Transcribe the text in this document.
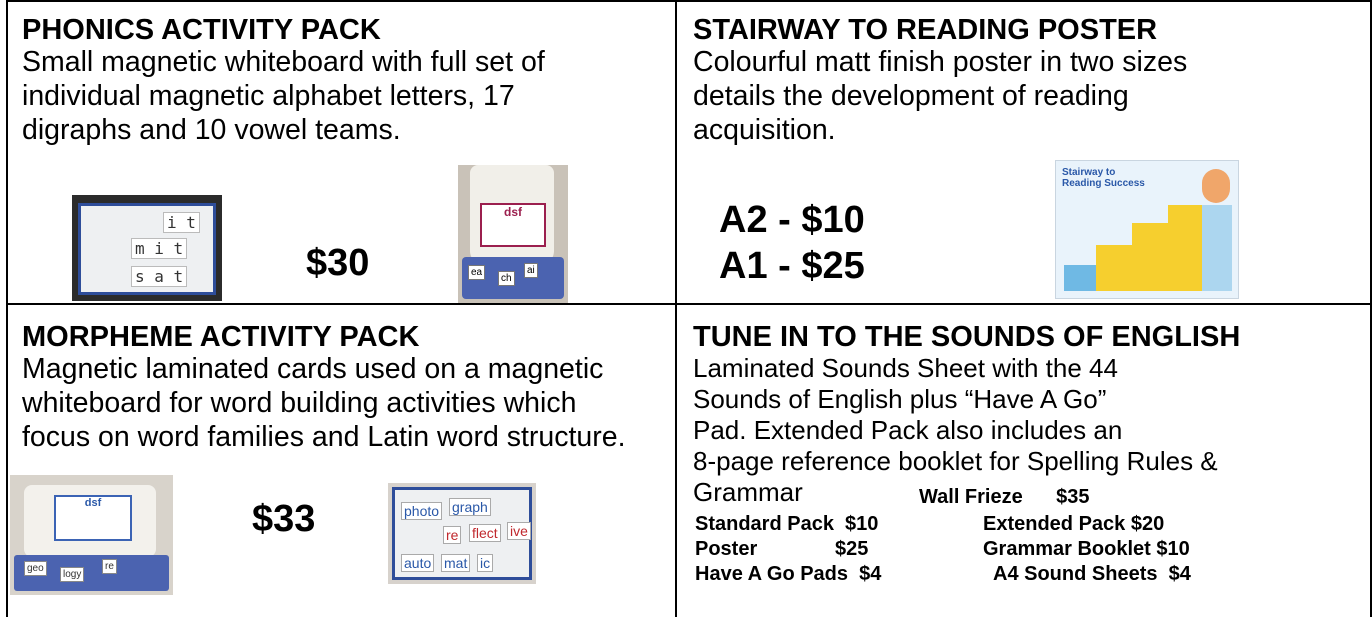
PHONICS ACTIVITY PACK
Small magnetic whiteboard with full set of
individual magnetic alphabet letters, 17
digraphs and 10 vowel teams.
$30
i t
m i t
s a t
dsf
ea
ch
ai
STAIRWAY TO READING POSTER
Colourful matt finish poster in two sizes
details the development of reading
acquisition.
A2 - $10
A1 - $25
Stairway to
Reading Success
MORPHEME ACTIVITY PACK
Magnetic laminated cards used on a magnetic
whiteboard for word building activities which
focus on word families and Latin word structure.
$33
dsf
geo
logy
re
photo graph
re flect ive
auto mat ic
TUNE IN TO THE SOUNDS OF ENGLISH
Laminated Sounds Sheet with the 44
Sounds of English plus “Have A Go”
Pad. Extended Pack also includes an
8-page reference booklet for Spelling Rules &
Grammar	Wall Frieze      $35
Standard Pack  $10	Extended Pack $20
Poster              $25	Grammar Booklet $10
Have A Go Pads  $4	A4 Sound Sheets  $4
